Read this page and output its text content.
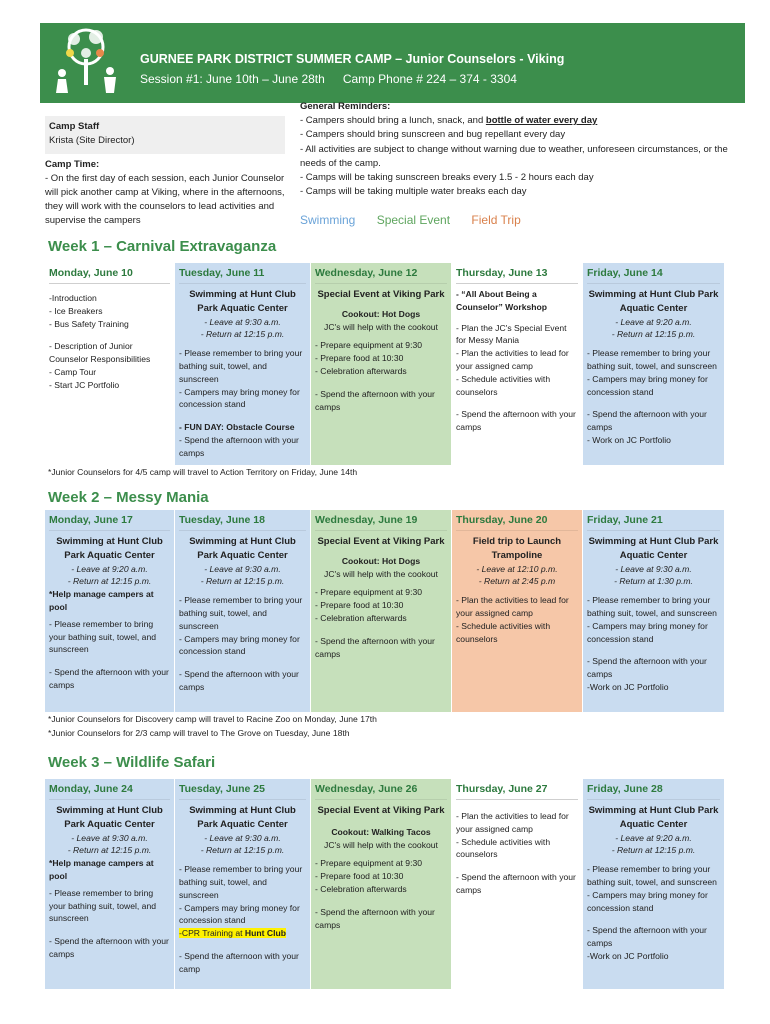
GURNEE PARK DISTRICT SUMMER CAMP – Junior Counselors - Viking
Session #1: June 10th – June 28th Camp Phone # 224 – 374 - 3304
Camp Staff
Krista (Site Director)
Camp Time:
- On the first day of each session, each Junior Counselor will pick another camp at Viking, where in the afternoons, they will work with the counselors to lead activities and supervise the campers
General Reminders:
- Campers should bring a lunch, snack, and bottle of water every day
- Campers should bring sunscreen and bug repellant every day
- All activities are subject to change without warning due to weather, unforeseen circumstances, or the needs of the camp.
- Camps will be taking sunscreen breaks every 1.5 - 2 hours each day
- Camps will be taking multiple water breaks each day
Swimming Special Event Field Trip
Week 1 – Carnival Extravaganza
Monday, June 10
-Introduction
- Ice Breakers
- Bus Safety Training
- Description of Junior Counselor Responsibilities
- Camp Tour
- Start JC Portfolio
Tuesday, June 11
Swimming at Hunt Club Park Aquatic Center
- Leave at 9:30 a.m.
- Return at 12:15 p.m.
- Please remember to bring your bathing suit, towel, and sunscreen
- Campers may bring money for concession stand
- FUN DAY: Obstacle Course
- Spend the afternoon with your camps
Wednesday, June 12
Special Event at Viking Park
Cookout: Hot Dogs
JC's will help with the cookout
- Prepare equipment at 9:30
- Prepare food at 10:30
- Celebration afterwards
- Spend the afternoon with your camps
Thursday, June 13
- “All About Being a Counselor” Workshop
- Plan the JC's Special Event for Messy Mania
- Plan the activities to lead for your assigned camp
- Schedule activities with counselors
- Spend the afternoon with your camps
Friday, June 14
Swimming at Hunt Club Park Aquatic Center
- Leave at 9:20 a.m.
- Return at 12:15 p.m.
- Please remember to bring your bathing suit, towel, and sunscreen
- Campers may bring money for concession stand
- Spend the afternoon with your camps
- Work on JC Portfolio
*Junior Counselors for 4/5 camp will travel to Action Territory on Friday, June 14th
Week 2 – Messy Mania
Monday, June 17
Swimming at Hunt Club Park Aquatic Center
- Leave at 9:20 a.m.
- Return at 12:15 p.m.
*Help manage campers at pool
- Please remember to bring your bathing suit, towel, and sunscreen
- Spend the afternoon with your camps
Tuesday, June 18
Swimming at Hunt Club Park Aquatic Center
- Leave at 9:30 a.m.
- Return at 12:15 p.m.
- Please remember to bring your bathing suit, towel, and sunscreen
- Campers may bring money for concession stand
- Spend the afternoon with your camps
Wednesday, June 19
Special Event at Viking Park
Cookout: Hot Dogs
JC's will help with the cookout
- Prepare equipment at 9:30
- Prepare food at 10:30
- Celebration afterwards
- Spend the afternoon with your camps
Thursday, June 20
Field trip to Launch Trampoline
- Leave at 12:10 p.m.
- Return at 2:45 p.m
- Plan the activities to lead for your assigned camp
- Schedule activities with counselors
Friday, June 21
Swimming at Hunt Club Park Aquatic Center
- Leave at 9:30 a.m.
- Return at 1:30 p.m.
- Please remember to bring your bathing suit, towel, and sunscreen
- Campers may bring money for concession stand
- Spend the afternoon with your camps
-Work on JC Portfolio
*Junior Counselors for Discovery camp will travel to Racine Zoo on Monday, June 17th
*Junior Counselors for 2/3 camp will travel to The Grove on Tuesday, June 18th
Week 3 – Wildlife Safari
Monday, June 24
Swimming at Hunt Club Park Aquatic Center
- Leave at 9:30 a.m.
- Return at 12:15 p.m.
*Help manage campers at pool
- Please remember to bring your bathing suit, towel, and sunscreen
- Spend the afternoon with your camps
Tuesday, June 25
Swimming at Hunt Club Park Aquatic Center
- Leave at 9:30 a.m.
- Return at 12:15 p.m.
- Please remember to bring your bathing suit, towel, and sunscreen
- Campers may bring money for concession stand
-CPR Training at Hunt Club
- Spend the afternoon with your camp
Wednesday, June 26
Special Event at Viking Park
Cookout: Walking Tacos
JC's will help with the cookout
- Prepare equipment at 9:30
- Prepare food at 10:30
- Celebration afterwards
- Spend the afternoon with your camps
Thursday, June 27
- Plan the activities to lead for your assigned camp
- Schedule activities with counselors
- Spend the afternoon with your camps
Friday, June 28
Swimming at Hunt Club Park Aquatic Center
- Leave at 9:20 a.m.
- Return at 12:15 p.m.
- Please remember to bring your bathing suit, towel, and sunscreen
- Campers may bring money for concession stand
- Spend the afternoon with your camps
-Work on JC Portfolio
